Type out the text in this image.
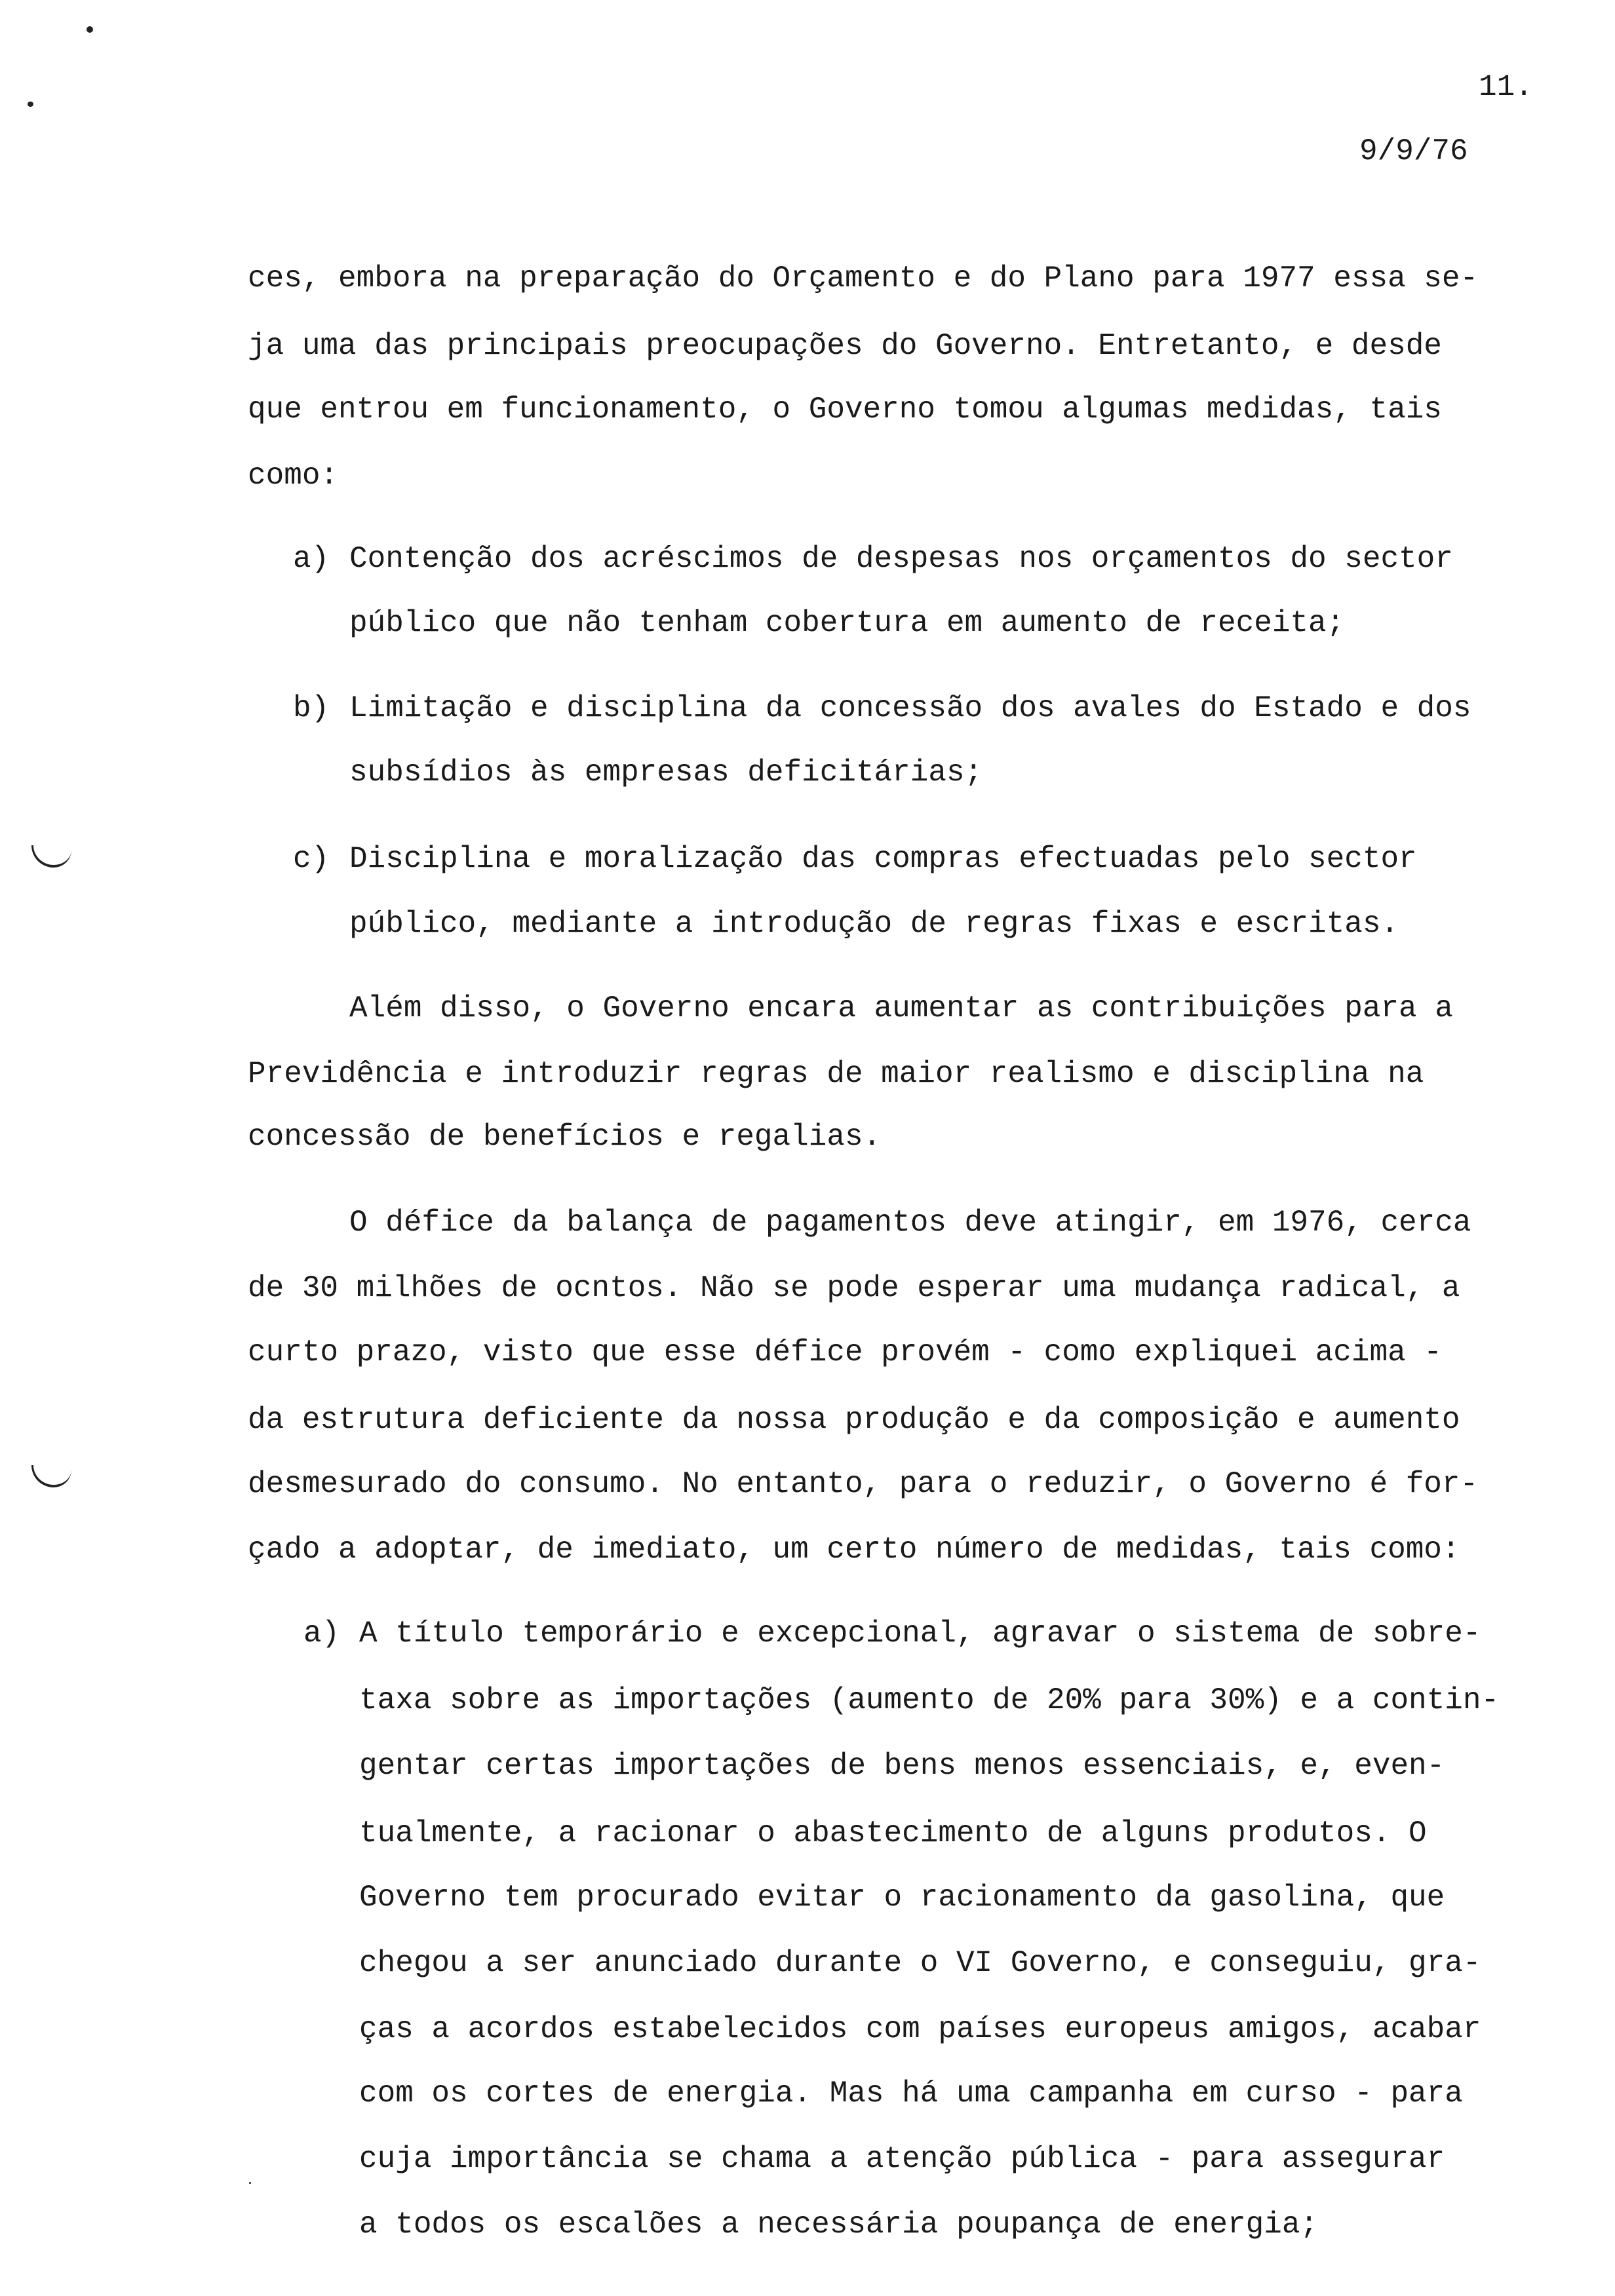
11.
9/9/76
ces, embora na preparação do Orçamento e do Plano para 1977 essa se-
ja uma das principais preocupações do Governo. Entretanto, e desde
que entrou em funcionamento, o Governo tomou algumas medidas, tais
como:
a) Contenção dos acréscimos de despesas nos orçamentos do sector
público que não tenham cobertura em aumento de receita;
b) Limitação e disciplina da concessão dos avales do Estado e dos
subsídios às empresas deficitárias;
c) Disciplina e moralização das compras efectuadas pelo sector
público, mediante a introdução de regras fixas e escritas.
Além disso, o Governo encara aumentar as contribuições para a
Previdência e introduzir regras de maior realismo e disciplina na
concessão de benefícios e regalias.
O défice da balança de pagamentos deve atingir, em 1976, cerca
de 30 milhões de ocntos. Não se pode esperar uma mudança radical, a
curto prazo, visto que esse défice provém - como expliquei acima -
da estrutura deficiente da nossa produção e da composição e aumento
desmesurado do consumo. No entanto, para o reduzir, o Governo é for-
çado a adoptar, de imediato, um certo número de medidas, tais como:
a) A título temporário e excepcional, agravar o sistema de sobre-
taxa sobre as importações (aumento de 20% para 30%) e a contin-
gentar certas importações de bens menos essenciais, e, even-
tualmente, a racionar o abastecimento de alguns produtos. O
Governo tem procurado evitar o racionamento da gasolina, que
chegou a ser anunciado durante o VI Governo, e conseguiu, gra-
ças a acordos estabelecidos com países europeus amigos, acabar
com os cortes de energia. Mas há uma campanha em curso - para
cuja importância se chama a atenção pública - para assegurar
a todos os escalões a necessária poupança de energia;
